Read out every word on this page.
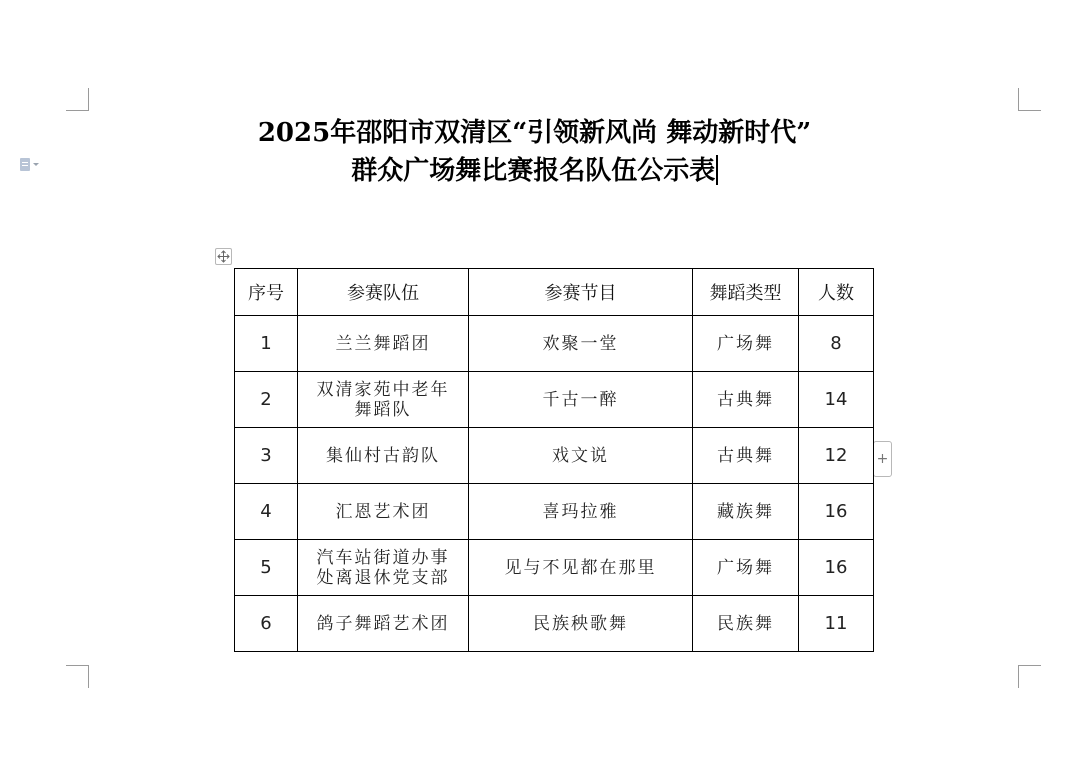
2025年邵阳市双清区“引领新风尚 舞动新时代”
群众广场舞比赛报名队伍公示表
+
序号	参赛队伍	参赛节目	舞蹈类型	人数
1	兰兰舞蹈团	欢聚一堂	广场舞	8
2	双清家苑中老年舞蹈队	千古一醉	古典舞	14
3	集仙村古韵队	戏文说	古典舞	12
4	汇恩艺术团	喜玛拉雅	藏族舞	16
5	汽车站街道办事处离退休党支部	见与不见都在那里	广场舞	16
6	鸽子舞蹈艺术团	民族秧歌舞	民族舞	11
